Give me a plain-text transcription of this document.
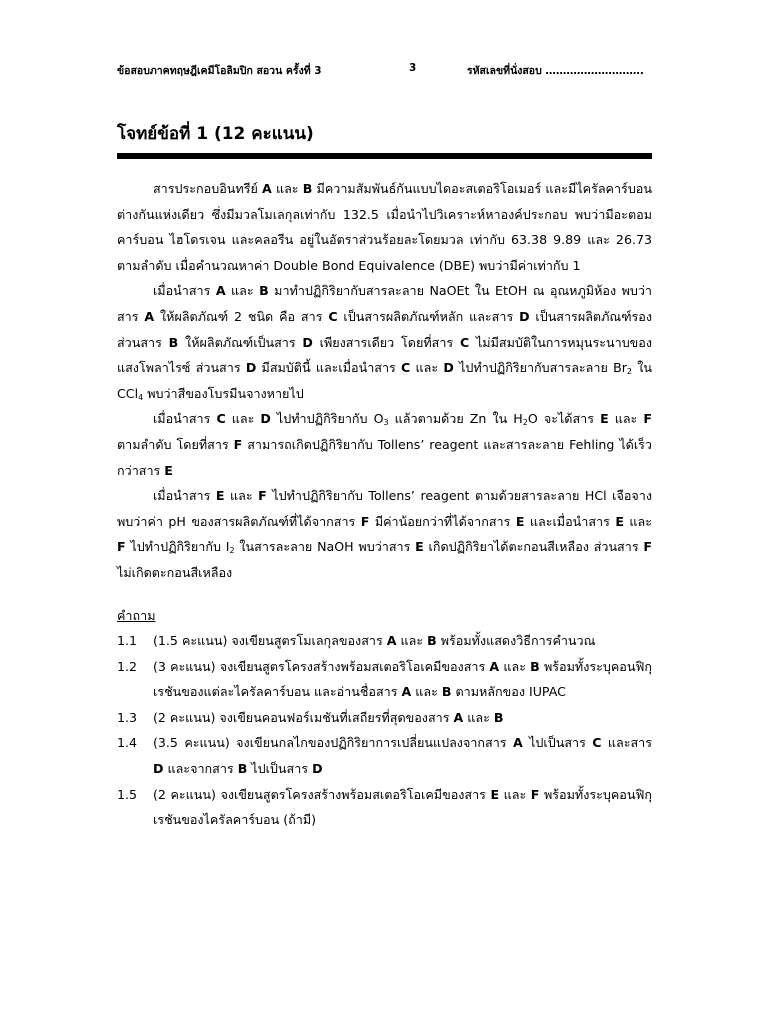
ข้อสอบภาคทฤษฎีเคมีโอลิมปิก สอวน ครั้งที่ 3	3	รหัสเลขที่นั่งสอบ ……………………….
โจทย์ข้อที่ 1 (12 คะแนน)

สารประกอบอินทรีย์ A และ B มีความสัมพันธ์กันแบบไดอะสเตอริโอเมอร์ และมีไครัลคาร์บอนต่างกันแห่งเดียว ซึ่งมีมวลโมเลกุลเท่ากับ 132.5 เมื่อนำไปวิเคราะห์หาองค์ประกอบ พบว่ามีอะตอมคาร์บอน ไฮโดรเจน และคลอรีน อยู่ในอัตราส่วนร้อยละโดยมวล เท่ากับ 63.38 9.89 และ 26.73 ตามลำดับ เมื่อคำนวณหาค่า Double Bond Equivalence (DBE) พบว่ามีค่าเท่ากับ 1

เมื่อนำสาร A และ B มาทำปฏิกิริยากับสารละลาย NaOEt ใน EtOH ณ อุณหภูมิห้อง พบว่าสาร A ให้ผลิตภัณฑ์ 2 ชนิด คือ สาร C เป็นสารผลิตภัณฑ์หลัก และสาร D เป็นสารผลิตภัณฑ์รอง ส่วนสาร B ให้ผลิตภัณฑ์เป็นสาร D เพียงสารเดียว โดยที่สาร C ไม่มีสมบัติในการหมุนระนาบของแสงโพลาไรซ์ ส่วนสาร D มีสมบัตินี้ และเมื่อนำสาร C และ D ไปทำปฏิกิริยากับสารละลาย $Br_2$ ใน CCl$_4$ พบว่าสีของโบรมีนจางหายไป

เมื่อนำสาร C และ D ไปทำปฏิกิริยากับ $O_3$ แล้วตามด้วย Zn ใน $H_2O$ จะได้สาร E และ F ตามลำดับ โดยที่สาร F สามารถเกิดปฏิกิริยากับ Tollens’ reagent และสารละลาย Fehling ได้เร็วกว่าสาร E

เมื่อนำสาร E และ F ไปทำปฏิกิริยากับ Tollens’ reagent ตามด้วยสารละลาย HCl เจือจาง พบว่าค่า pH ของสารผลิตภัณฑ์ที่ได้จากสาร F มีค่าน้อยกว่าที่ได้จากสาร E และเมื่อนำสาร E และ F ไปทำปฏิกิริยากับ $I_2$ ในสารละลาย NaOH พบว่าสาร E เกิดปฏิกิริยาได้ตะกอนสีเหลือง ส่วนสาร F ไม่เกิดตะกอนสีเหลือง

คำถาม

1.1	(1.5 คะแนน) จงเขียนสูตรโมเลกุลของสาร A และ B พร้อมทั้งแสดงวิธีการคำนวณ
1.2	(3 คะแนน) จงเขียนสูตรโครงสร้างพร้อมสเตอริโอเคมีของสาร A และ B พร้อมทั้งระบุคอนฟิกุเรชันของแต่ละไครัลคาร์บอน และอ่านชื่อสาร A และ B ตามหลักของ IUPAC
1.3	(2 คะแนน) จงเขียนคอนฟอร์เมชันที่เสถียรที่สุดของสาร A และ B
1.4	(3.5 คะแนน) จงเขียนกลไกของปฏิกิริยาการเปลี่ยนแปลงจากสาร A ไปเป็นสาร C และสาร D และจากสาร B ไปเป็นสาร D
1.5	(2 คะแนน) จงเขียนสูตรโครงสร้างพร้อมสเตอริโอเคมีของสาร E และ F พร้อมทั้งระบุคอนฟิกุเรชันของไครัลคาร์บอน (ถ้ามี)
